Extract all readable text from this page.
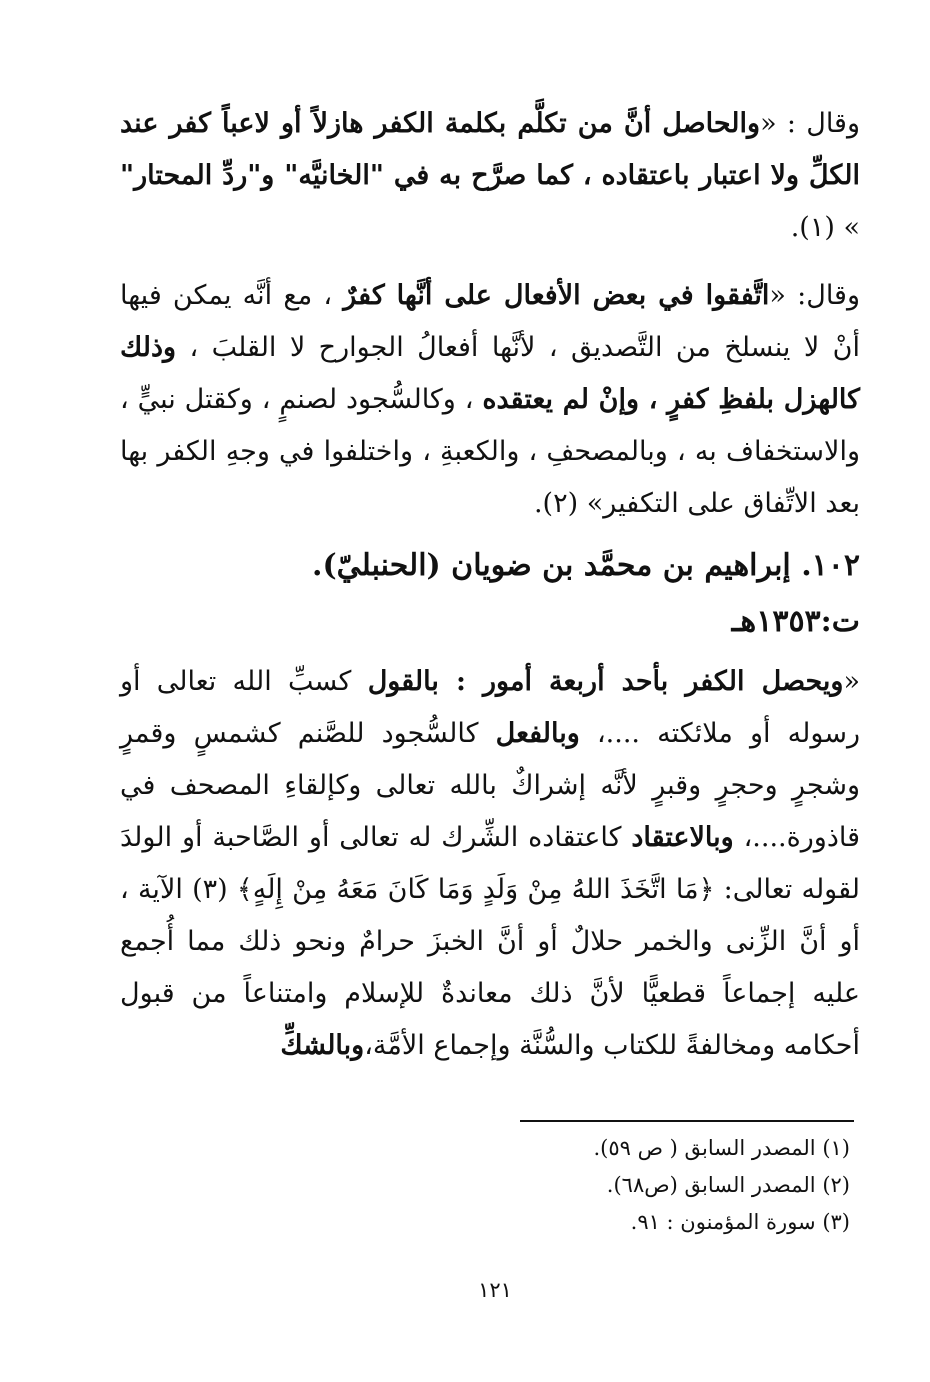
وقال : «والحاصل أنَّ من تكلَّم بكلمة الكفر هازلاً أو لاعباً كفر عند الكلِّ ولا اعتبار باعتقاده ، كما صرَّح به في "الخانيَّه" و"ردِّ المحتار" » (١).

وقال: «اتَّفقوا في بعض الأفعال على أنَّها كفرٌ ، مع أنَّه يمكن فيها أنْ لا ينسلخ من التَّصديق ، لأنَّها أفعالُ الجوارح لا القلبَ ، وذلك كالهزل بلفظِ كفرٍ ، وإنْ لم يعتقده ، وكالسُّجود لصنمٍ ، وكقتل نبيٍّ ، والاستخفاف به ، وبالمصحفِ ، والكعبةِ ، واختلفوا في وجهِ الكفر بها بعد الاتِّفاق على التكفير» (٢).

١٠٢. إبراهيم بن محمَّد بن ضويان (الحنبليّ).
ت:١٣٥٣هـ

«ويحصل الكفر بأحد أربعة أمور : بالقول كسبِّ الله تعالى أو رسوله أو ملائكته ....، وبالفعل كالسُّجود للصَّنم كشمسٍ وقمرٍ وشجرٍ وحجرٍ وقبرٍ لأنَّه إشراكٌ بالله تعالى وكإلقاءِ المصحف في قاذورة....، وبالاعتقاد كاعتقاده الشِّرك له تعالى أو الصَّاحبة أو الولدَ لقوله تعالى: ﴿مَا اتَّخَذَ اللهُ مِنْ وَلَدٍ وَمَا كَانَ مَعَهُ مِنْ إِلَهٍ﴾ (٣) الآية ، أو أنَّ الزِّنى والخمر حلالٌ أو أنَّ الخبزَ حرامٌ ونحو ذلك مما أُجمع عليه إجماعاً قطعيًّا لأنَّ ذلك معاندةٌ للإسلام وامتناعاً من قبول أحكامه ومخالفةً للكتاب والسُّنَّة وإجماع الأمَّة،وبالشكِّ

(١) المصدر السابق ( ص ٥٩).
(٢) المصدر السابق (ص٦٨).
(٣) سورة المؤمنون : ٩١.
١٢١
